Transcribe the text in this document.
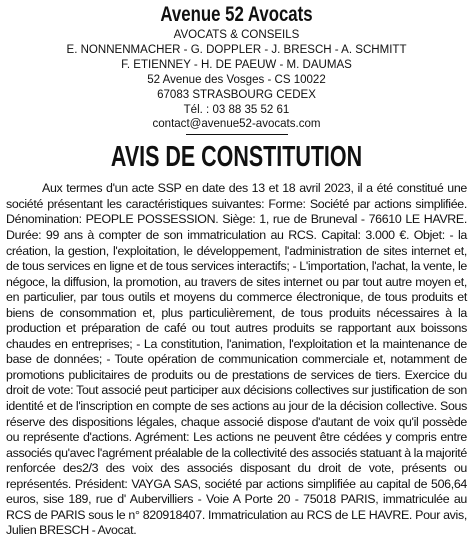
Avenue 52 Avocats
AVOCATS & CONSEILS
E. NONNENMACHER - G. DOPPLER - J. BRESCH - A. SCHMITT
F. ETIENNEY - H. DE PAEUW - M. DAUMAS
52 Avenue des Vosges - CS 10022
67083 STRASBOURG CEDEX
Tél. : 03 88 35 52 61
contact@avenue52-avocats.com
AVIS DE CONSTITUTION
Aux termes d'un acte SSP en date des 13 et 18 avril 2023, il a été constitué une société présentant les caractéristiques suivantes: Forme: Société par actions simplifiée. Dénomination: PEOPLE POSSESSION. Siège: 1, rue de Bruneval - 76610 LE HAVRE. Durée: 99 ans à compter de son immatriculation au RCS. Capital: 3.000 €. Objet: - la création, la gestion, l'exploitation, le développement, l'administration de sites internet et, de tous services en ligne et de tous services interactifs; - L'importation, l'achat, la vente, le négoce, la diffusion, la promotion, au travers de sites internet ou par tout autre moyen et, en particulier, par tous outils et moyens du commerce électronique, de tous produits et biens de consommation et, plus particulièrement, de tous produits nécessaires à la production et préparation de café ou tout autres produits se rapportant aux boissons chaudes en entreprises; - La constitution, l'animation, l'exploitation et la maintenance de base de données; - Toute opération de communication commerciale et, notamment de promotions publicitaires de produits ou de prestations de services de tiers. Exercice du droit de vote: Tout associé peut participer aux décisions collectives sur justification de son identité et de l'inscription en compte de ses actions au jour de la décision collective. Sous réserve des dispositions légales, chaque associé dispose d'autant de voix qu'il possède ou représente d'actions. Agrément: Les actions ne peuvent être cédées y compris entre associés qu'avec l'agrément préalable de la collectivité des associés statuant à la majorité renforcée des2/3 des voix des associés disposant du droit de vote, présents ou représentés. Président: VAYGA SAS, société par actions simplifiée au capital de 506,64 euros, sise 189, rue d' Aubervilliers - Voie A Porte 20 - 75018 PARIS, immatriculée au RCS de PARIS sous le n° 820918407. Immatriculation au RCS de LE HAVRE. Pour avis, Julien BRESCH - Avocat.
